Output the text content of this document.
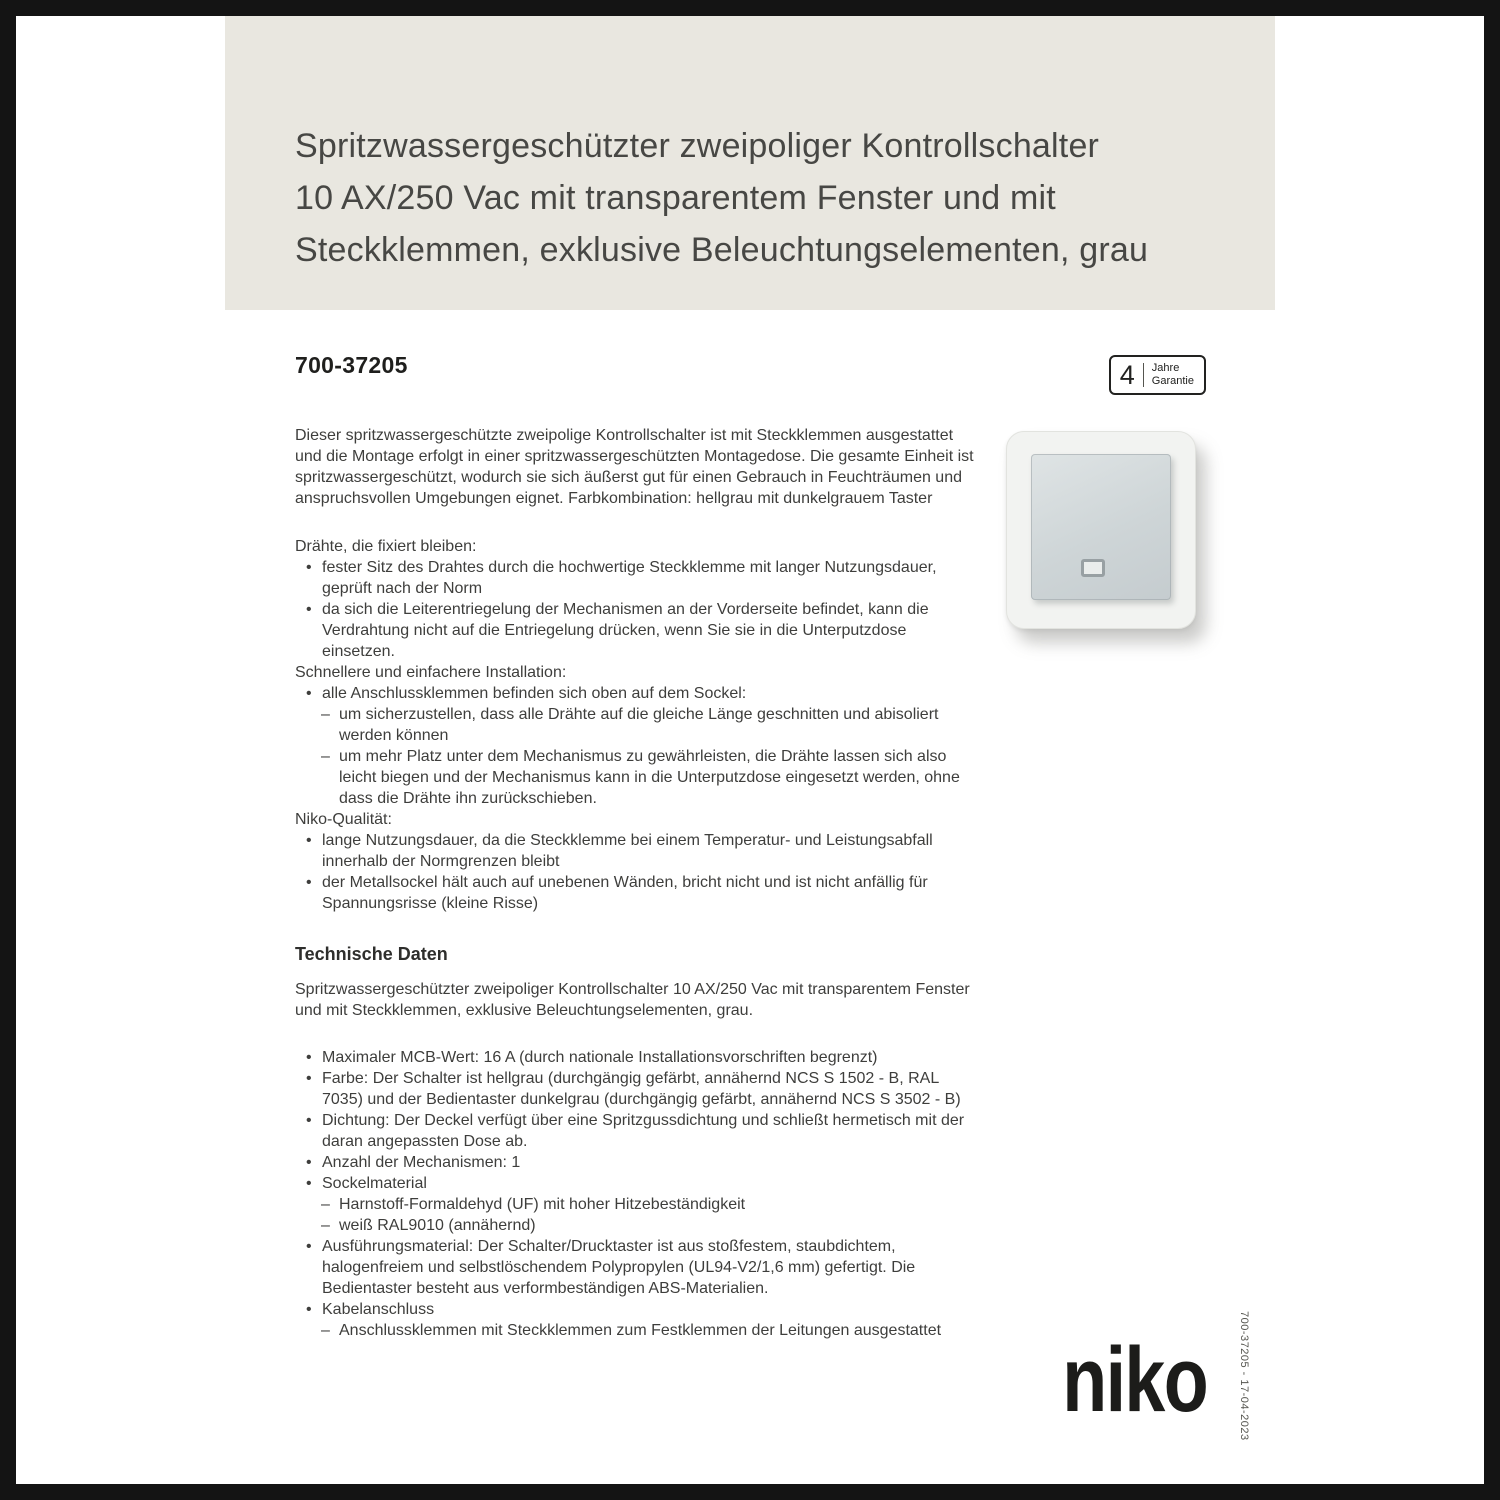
Spritzwassergeschützter zweipoliger Kontrollschalter
10 AX/250 Vac mit transparentem Fenster und mit
Steckklemmen, exklusive Beleuchtungselementen, grau
700-37205	4 Jahre
Garantie

Dieser spritzwassergeschützte zweipolige Kontrollschalter ist mit Steckklemmen ausgestattet und die Montage erfolgt in einer spritzwassergeschützten Montagedose. Die gesamte Einheit ist spritzwassergeschützt, wodurch sie sich äußerst gut für einen Gebrauch in Feuchträumen und anspruchsvollen Umgebungen eignet. Farbkombination: hellgrau mit dunkelgrauem Taster

Drähte, die fixiert bleiben:
• fester Sitz des Drahtes durch die hochwertige Steckklemme mit langer Nutzungsdauer, geprüft nach der Norm
• da sich die Leiterentriegelung der Mechanismen an der Vorderseite befindet, kann die Verdrahtung nicht auf die Entriegelung drücken, wenn Sie sie in die Unterputzdose einsetzen.
Schnellere und einfachere Installation:
• alle Anschlussklemmen befinden sich oben auf dem Sockel:
– um sicherzustellen, dass alle Drähte auf die gleiche Länge geschnitten und abisoliert werden können
– um mehr Platz unter dem Mechanismus zu gewährleisten, die Drähte lassen sich also leicht biegen und der Mechanismus kann in die Unterputzdose eingesetzt werden, ohne dass die Drähte ihn zurückschieben.
Niko-Qualität:
• lange Nutzungsdauer, da die Steckklemme bei einem Temperatur- und Leistungsabfall innerhalb der Normgrenzen bleibt
• der Metallsockel hält auch auf unebenen Wänden, bricht nicht und ist nicht anfällig für Spannungsrisse (kleine Risse)
Technische Daten

Spritzwassergeschützter zweipoliger Kontrollschalter 10 AX/250 Vac mit transparentem Fenster und mit Steckklemmen, exklusive Beleuchtungselementen, grau.

• Maximaler MCB-Wert: 16 A (durch nationale Installationsvorschriften begrenzt)
• Farbe: Der Schalter ist hellgrau (durchgängig gefärbt, annähernd NCS S 1502 - B, RAL 7035) und der Bedientaster dunkelgrau (durchgängig gefärbt, annähernd NCS S 3502 - B)
• Dichtung: Der Deckel verfügt über eine Spritzgussdichtung und schließt hermetisch mit der daran angepassten Dose ab.
• Anzahl der Mechanismen: 1
• Sockelmaterial
– Harnstoff-Formaldehyd (UF) mit hoher Hitzebeständigkeit
– weiß RAL9010 (annähernd)
• Ausführungsmaterial: Der Schalter/Drucktaster ist aus stoßfestem, staubdichtem, halogenfreiem und selbstlöschendem Polypropylen (UL94-V2/1,6 mm) gefertigt. Die Bedientaster besteht aus verformbeständigen ABS-Materialien.
• Kabelanschluss
– Anschlussklemmen mit Steckklemmen zum Festklemmen der Leitungen ausgestattet	niko	700-37205 - 17-04-2023
